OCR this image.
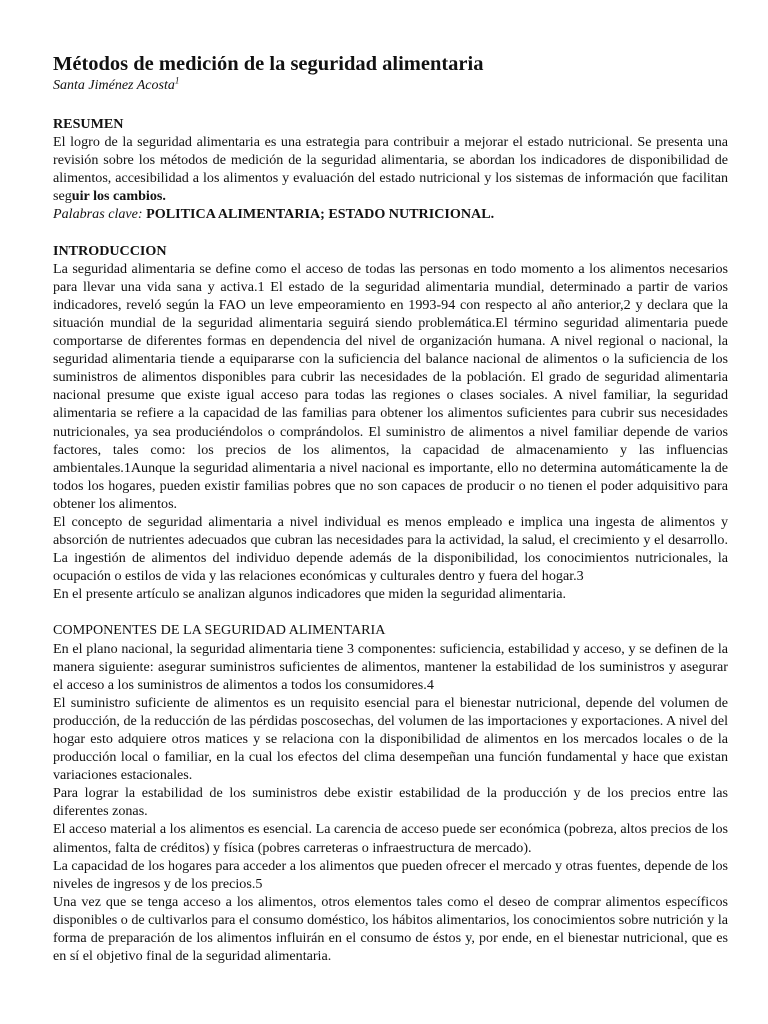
Métodos de medición de la seguridad alimentaria
Santa Jiménez Acosta$^1$
RESUMEN

El logro de la seguridad alimentaria es una estrategia para contribuir a mejorar el estado nutricional. Se presenta una revisión sobre los métodos de medición de la seguridad alimentaria, se abordan los indicadores de disponibilidad de alimentos, accesibilidad a los alimentos y evaluación del estado nutricional y los sistemas de información que facilitan seguir los cambios.

Palabras clave: POLITICA ALIMENTARIA; ESTADO NUTRICIONAL.

INTRODUCCION

La seguridad alimentaria se define como el acceso de todas las personas en todo momento a los alimentos necesarios para llevar una vida sana y activa.1 El estado de la seguridad alimentaria mundial, determinado a partir de varios indicadores, reveló según la FAO un leve empeoramiento en 1993-94 con respecto al año anterior,2 y declara que la situación mundial de la seguridad alimentaria seguirá siendo problemática.El término seguridad alimentaria puede comportarse de diferentes formas en dependencia del nivel de organización humana. A nivel regional o nacional, la seguridad alimentaria tiende a equipararse con la suficiencia del balance nacional de alimentos o la suficiencia de los suministros de alimentos disponibles para cubrir las necesidades de la población. El grado de seguridad alimentaria nacional presume que existe igual acceso para todas las regiones o clases sociales. A nivel familiar, la seguridad alimentaria se refiere a la capacidad de las familias para obtener los alimentos suficientes para cubrir sus necesidades nutricionales, ya sea produciéndolos o comprándolos. El suministro de alimentos a nivel familiar depende de varios factores, tales como: los precios de los alimentos, la capacidad de almacenamiento y las influencias ambientales.1Aunque la seguridad alimentaria a nivel nacional es importante, ello no determina automáticamente la de todos los hogares, pueden existir familias pobres que no son capaces de producir o no tienen el poder adquisitivo para obtener los alimentos.

El concepto de seguridad alimentaria a nivel individual es menos empleado e implica una ingesta de alimentos y absorción de nutrientes adecuados que cubran las necesidades para la actividad, la salud, el crecimiento y el desarrollo. La ingestión de alimentos del individuo depende además de la disponibilidad, los conocimientos nutricionales, la ocupación o estilos de vida y las relaciones económicas y culturales dentro y fuera del hogar.3

En el presente artículo se analizan algunos indicadores que miden la seguridad alimentaria.

COMPONENTES DE LA SEGURIDAD ALIMENTARIA

En el plano nacional, la seguridad alimentaria tiene 3 componentes: suficiencia, estabilidad y acceso, y se definen de la manera siguiente: asegurar suministros suficientes de alimentos, mantener la estabilidad de los suministros y asegurar el acceso a los suministros de alimentos a todos los consumidores.4

El suministro suficiente de alimentos es un requisito esencial para el bienestar nutricional, depende del volumen de producción, de la reducción de las pérdidas poscosechas, del volumen de las importaciones y exportaciones. A nivel del hogar esto adquiere otros matices y se relaciona con la disponibilidad de alimentos en los mercados locales o de la producción local o familiar, en la cual los efectos del clima desempeñan una función fundamental y hace que existan variaciones estacionales.

Para lograr la estabilidad de los suministros debe existir estabilidad de la producción y de los precios entre las diferentes zonas.

El acceso material a los alimentos es esencial. La carencia de acceso puede ser económica (pobreza, altos precios de los alimentos, falta de créditos) y física (pobres carreteras o infraestructura de mercado).

La capacidad de los hogares para acceder a los alimentos que pueden ofrecer el mercado y otras fuentes, depende de los niveles de ingresos y de los precios.5

Una vez que se tenga acceso a los alimentos, otros elementos tales como el deseo de comprar alimentos específicos disponibles o de cultivarlos para el consumo doméstico, los hábitos alimentarios, los conocimientos sobre nutrición y la forma de preparación de los alimentos influirán en el consumo de éstos y, por ende, en el bienestar nutricional, que es en sí el objetivo final de la seguridad alimentaria.
